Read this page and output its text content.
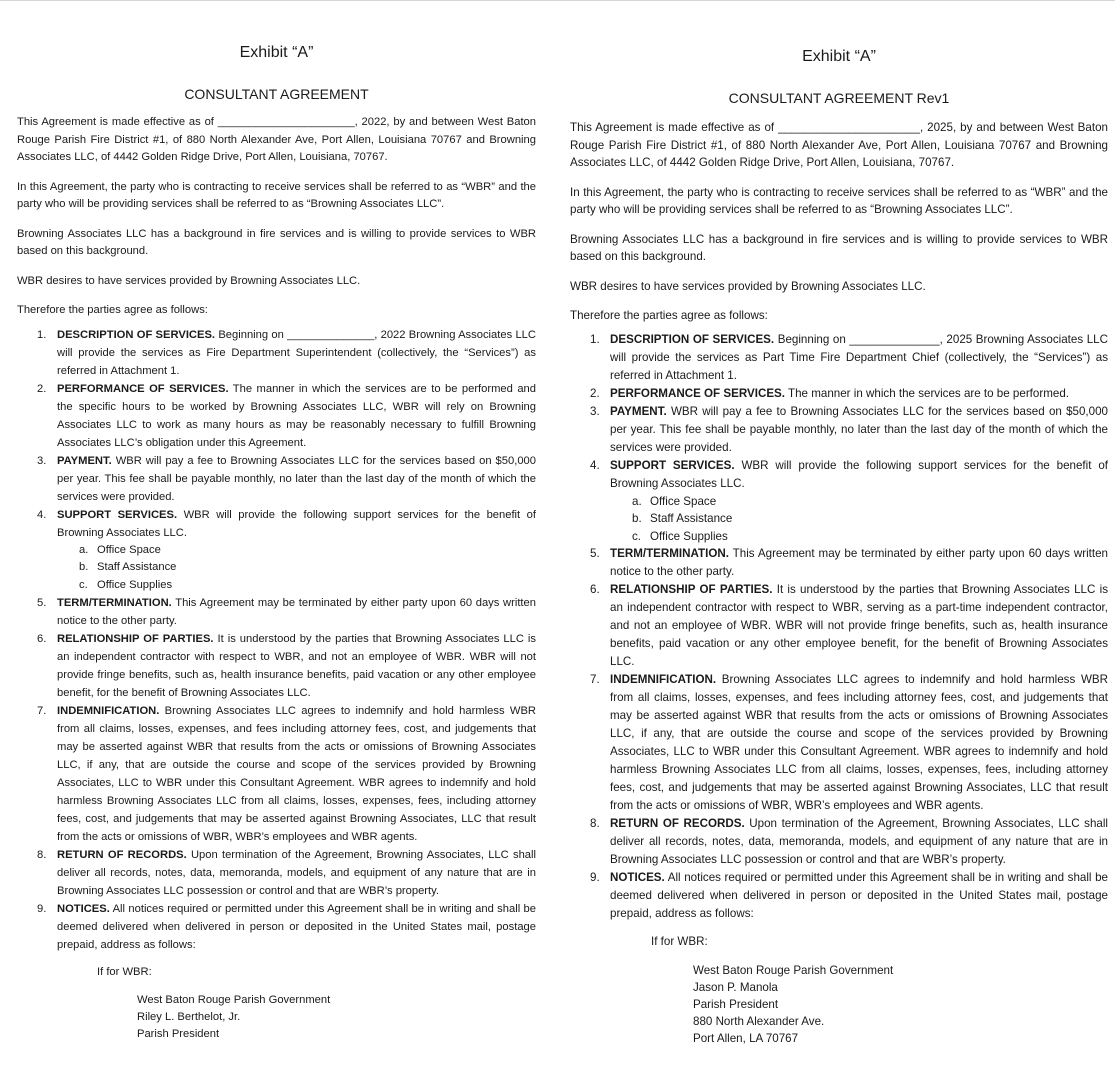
Exhibit “A”
CONSULTANT AGREEMENT

This Agreement is made effective as of ______________________, 2022, by and between West Baton Rouge Parish Fire District #1, of 880 North Alexander Ave, Port Allen, Louisiana 70767 and Browning Associates LLC, of 4442 Golden Ridge Drive, Port Allen, Louisiana, 70767.

In this Agreement, the party who is contracting to receive services shall be referred to as “WBR” and the party who will be providing services shall be referred to as “Browning Associates LLC”.

Browning Associates LLC has a background in fire services and is willing to provide services to WBR based on this background.

WBR desires to have services provided by Browning Associates LLC.

Therefore the parties agree as follows:

1. DESCRIPTION OF SERVICES. Beginning on ______________, 2022 Browning Associates LLC will provide the services as Fire Department Superintendent (collectively, the “Services”) as referred in Attachment 1.
2. PERFORMANCE OF SERVICES. The manner in which the services are to be performed and the specific hours to be worked by Browning Associates LLC, WBR will rely on Browning Associates LLC to work as many hours as may be reasonably necessary to fulfill Browning Associates LLC’s obligation under this Agreement.
3. PAYMENT. WBR will pay a fee to Browning Associates LLC for the services based on $50,000 per year. This fee shall be payable monthly, no later than the last day of the month of which the services were provided.
4. SUPPORT SERVICES. WBR will provide the following support services for the benefit of Browning Associates LLC.
a. Office Space
b. Staff Assistance
c. Office Supplies
5. TERM/TERMINATION. This Agreement may be terminated by either party upon 60 days written notice to the other party.
6. RELATIONSHIP OF PARTIES. It is understood by the parties that Browning Associates LLC is an independent contractor with respect to WBR, and not an employee of WBR. WBR will not provide fringe benefits, such as, health insurance benefits, paid vacation or any other employee benefit, for the benefit of Browning Associates LLC.
7. INDEMNIFICATION. Browning Associates LLC agrees to indemnify and hold harmless WBR from all claims, losses, expenses, and fees including attorney fees, cost, and judgements that may be asserted against WBR that results from the acts or omissions of Browning Associates LLC, if any, that are outside the course and scope of the services provided by Browning Associates, LLC to WBR under this Consultant Agreement. WBR agrees to indemnify and hold harmless Browning Associates LLC from all claims, losses, expenses, fees, including attorney fees, cost, and judgements that may be asserted against Browning Associates, LLC that result from the acts or omissions of WBR, WBR’s employees and WBR agents.
8. RETURN OF RECORDS. Upon termination of the Agreement, Browning Associates, LLC shall deliver all records, notes, data, memoranda, models, and equipment of any nature that are in Browning Associates LLC possession or control and that are WBR’s property.
9. NOTICES. All notices required or permitted under this Agreement shall be in writing and shall be deemed delivered when delivered in person or deposited in the United States mail, postage prepaid, address as follows:
If for WBR:
West Baton Rouge Parish Government
Riley L. Berthelot, Jr.
Parish President
Exhibit “A”
CONSULTANT AGREEMENT Rev1

This Agreement is made effective as of ______________________, 2025, by and between West Baton Rouge Parish Fire District #1, of 880 North Alexander Ave, Port Allen, Louisiana 70767 and Browning Associates LLC, of 4442 Golden Ridge Drive, Port Allen, Louisiana, 70767.

In this Agreement, the party who is contracting to receive services shall be referred to as “WBR” and the party who will be providing services shall be referred to as “Browning Associates LLC”.

Browning Associates LLC has a background in fire services and is willing to provide services to WBR based on this background.

WBR desires to have services provided by Browning Associates LLC.

Therefore the parties agree as follows:

1. DESCRIPTION OF SERVICES. Beginning on ______________, 2025 Browning Associates LLC will provide the services as Part Time Fire Department Chief (collectively, the “Services”) as referred in Attachment 1.
2. PERFORMANCE OF SERVICES. The manner in which the services are to be performed.
3. PAYMENT. WBR will pay a fee to Browning Associates LLC for the services based on $50,000 per year. This fee shall be payable monthly, no later than the last day of the month of which the services were provided.
4. SUPPORT SERVICES. WBR will provide the following support services for the benefit of Browning Associates LLC.
a. Office Space
b. Staff Assistance
c. Office Supplies
5. TERM/TERMINATION. This Agreement may be terminated by either party upon 60 days written notice to the other party.
6. RELATIONSHIP OF PARTIES. It is understood by the parties that Browning Associates LLC is an independent contractor with respect to WBR, serving as a part-time independent contractor, and not an employee of WBR. WBR will not provide fringe benefits, such as, health insurance benefits, paid vacation or any other employee benefit, for the benefit of Browning Associates LLC.
7. INDEMNIFICATION. Browning Associates LLC agrees to indemnify and hold harmless WBR from all claims, losses, expenses, and fees including attorney fees, cost, and judgements that may be asserted against WBR that results from the acts or omissions of Browning Associates LLC, if any, that are outside the course and scope of the services provided by Browning Associates, LLC to WBR under this Consultant Agreement. WBR agrees to indemnify and hold harmless Browning Associates LLC from all claims, losses, expenses, fees, including attorney fees, cost, and judgements that may be asserted against Browning Associates, LLC that result from the acts or omissions of WBR, WBR’s employees and WBR agents.
8. RETURN OF RECORDS. Upon termination of the Agreement, Browning Associates, LLC shall deliver all records, notes, data, memoranda, models, and equipment of any nature that are in Browning Associates LLC possession or control and that are WBR’s property.
9. NOTICES. All notices required or permitted under this Agreement shall be in writing and shall be deemed delivered when delivered in person or deposited in the United States mail, postage prepaid, address as follows:
If for WBR:
West Baton Rouge Parish Government
Jason P. Manola
Parish President
880 North Alexander Ave.
Port Allen, LA 70767
